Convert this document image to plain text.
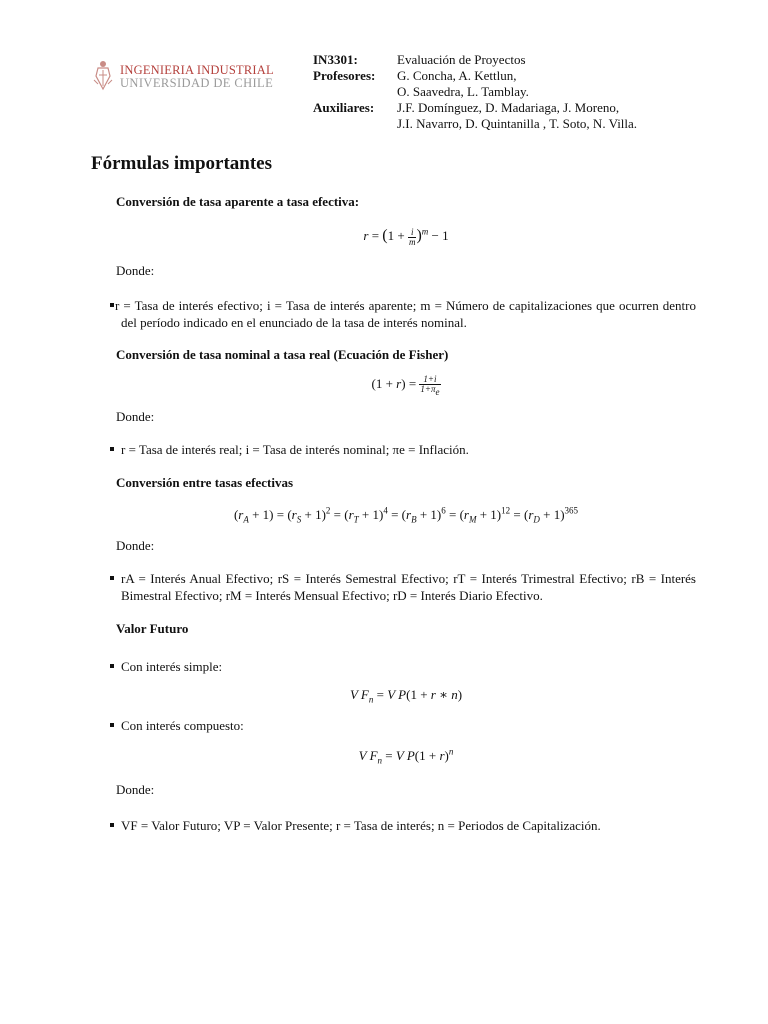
INGENIERIA INDUSTRIAL
UNIVERSIDAD DE CHILE
IN3301:	Evaluación de Proyectos
Profesores:	G. Concha, A. Kettlun,
O. Saavedra, L. Tamblay.
Auxiliares:	J.F. Domínguez, D. Madariaga, J. Moreno,
J.I. Navarro, D. Quintanilla , T. Soto, N. Villa.
Fórmulas importantes

Conversión de tasa aparente a tasa efectiva:

$r = (1 + \frac{i}{m} )^m - 1$

Donde:

r = Tasa de interés efectivo; i = Tasa de interés aparente; m = Número de capitalizaciones que ocurren dentro del período indicado en el enunciado de la tasa de interés nominal.

Conversión de tasa nominal a tasa real (Ecuación de Fisher)

$(1 + r) = \frac{1+i}{1+\pi_e}$

Donde:

r = Tasa de interés real; i = Tasa de interés nominal; πe = Inflación.

Conversión entre tasas efectivas

$(r_A + 1) = (r_S + 1)^2 = (r_T + 1)^4 = (r_B + 1)^6 = (r_M + 1)^{12} = (r_D + 1)^{365}$

Donde:

rA = Interés Anual Efectivo; rS = Interés Semestral Efectivo; rT = Interés Trimestral Efectivo; rB = Interés Bimestral Efectivo; rM = Interés Mensual Efectivo; rD = Interés Diario Efectivo.

Valor Futuro

Con interés simple:
V $F_n = V$ P(1 + r ∗ n)
Con interés compuesto:
V $F_n = V$ $P(1 + r)^n$

Donde:

VF = Valor Futuro; VP = Valor Presente; r = Tasa de interés; n = Periodos de Capitalización.
